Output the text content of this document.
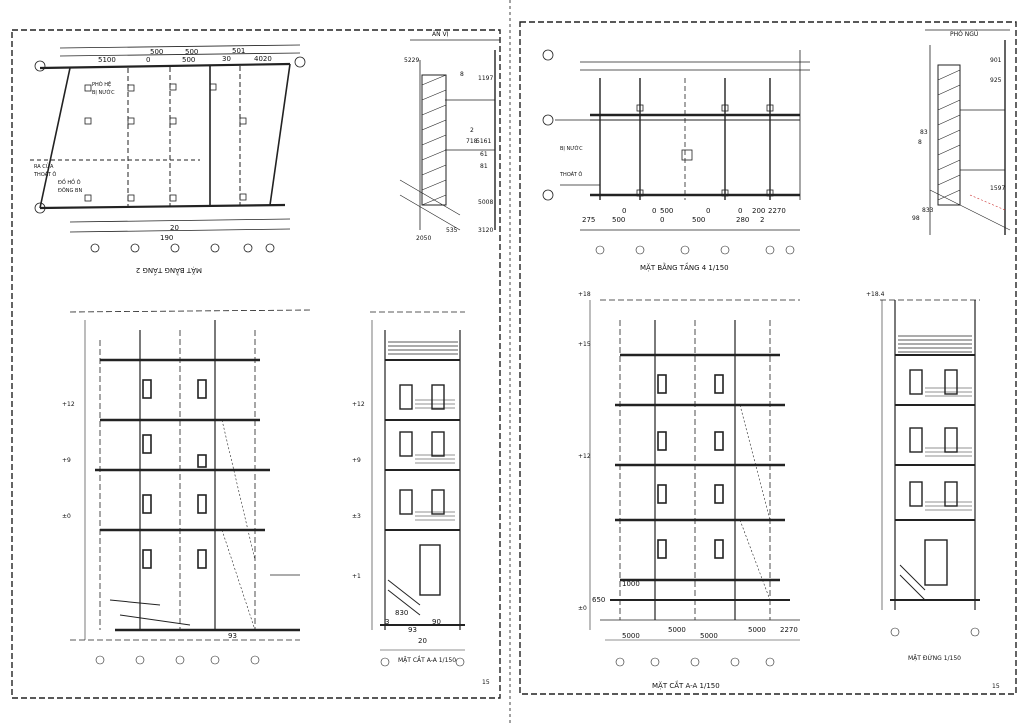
500	500	501
5100	0	500	30	4020
20
190
PHÒ HỆ
BỊ NƯỚC
RA CỬA
THOÁT Ô
ĐỒ HỒ Ô
ĐÔNG BN
MẶT BẰNG TẦNG 2
ẤN VỊ
5229
8
1197
2
718
5161
61
81
5008
535
2050
3120
+12
+9
±0
93
+12
+9
±3
+1
830
3	90
93
20
MẶT CẮT A-A 1/150
15
0	0 500	0	0 200 2270
275 500	0	500	280 2
BỊ NƯỚC
THOÁT Ô
MẶT BẰNG TẦNG 4 1/150
PHÒ NGỦ
901
925
1597
833
98
83
8
+18
+15
+12
±0
5000
5000
5000
5000 2270
1000
650
MẶT CẮT A-A 1/150
+18.4
MẶT ĐỨNG 1/150
15
